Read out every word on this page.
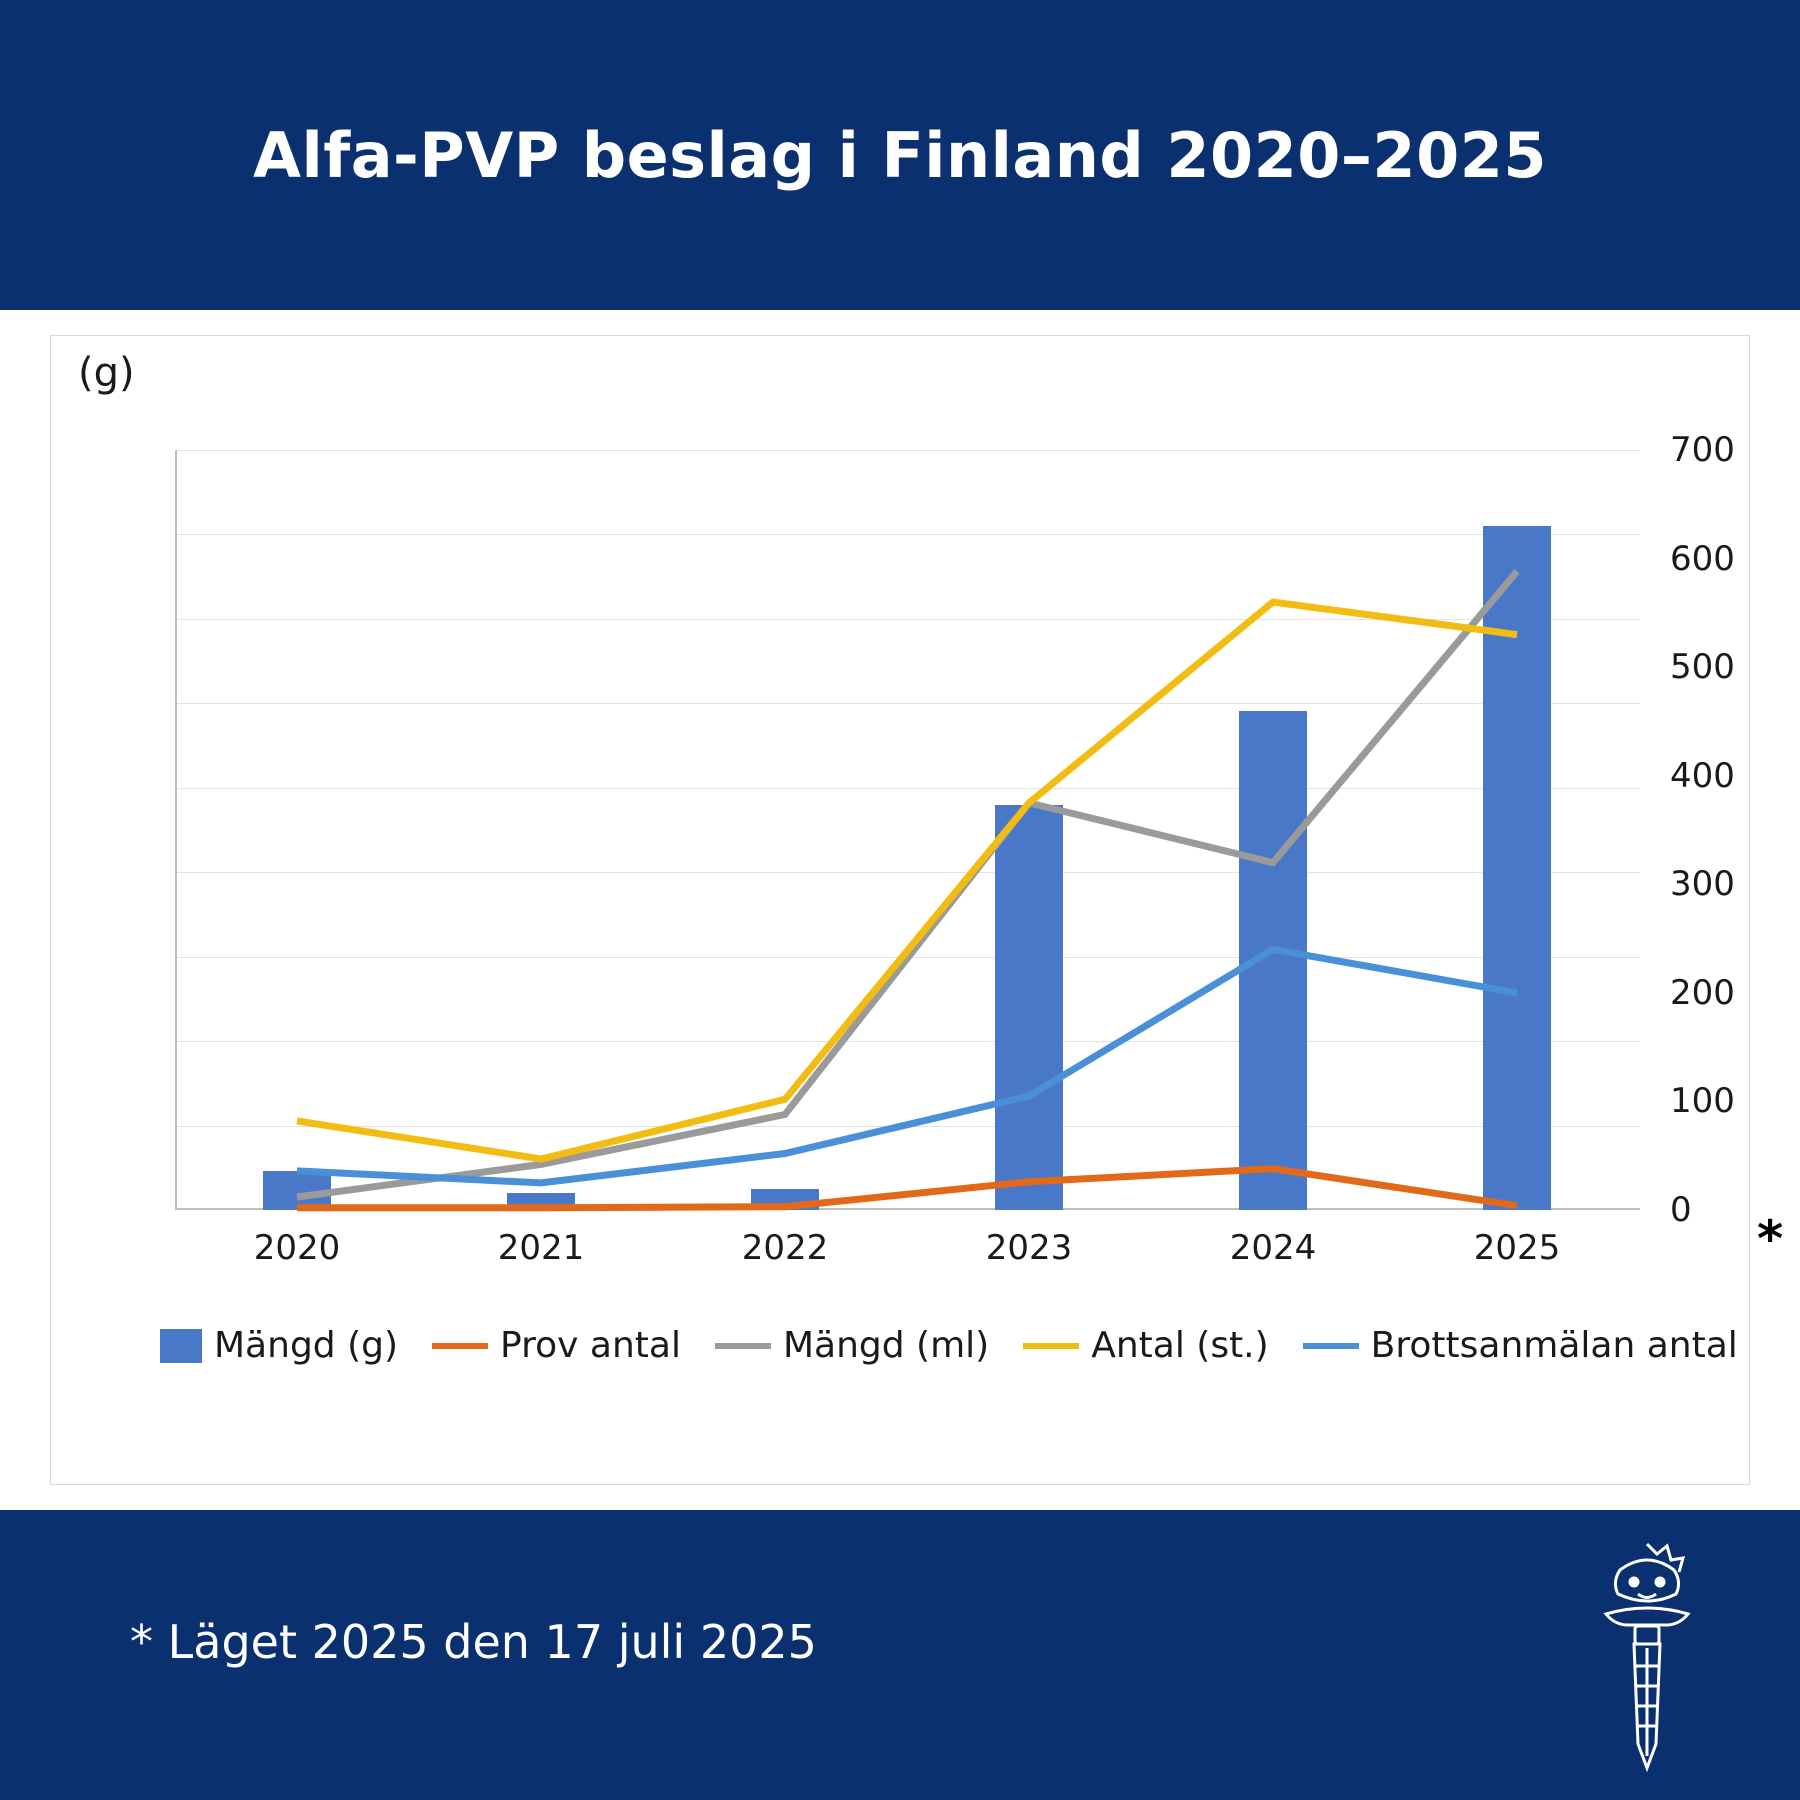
Alfa-PVP beslag i Finland 2020–2025
(g)
700
600
500
400
300
200
100
0
2020	2021	2022	2023	2024	2025	*
Mängd (g)	Prov antal	Mängd (ml)	Antal (st.)	Brottsanmälan antal
* Läget 2025 den 17 juli 2025
